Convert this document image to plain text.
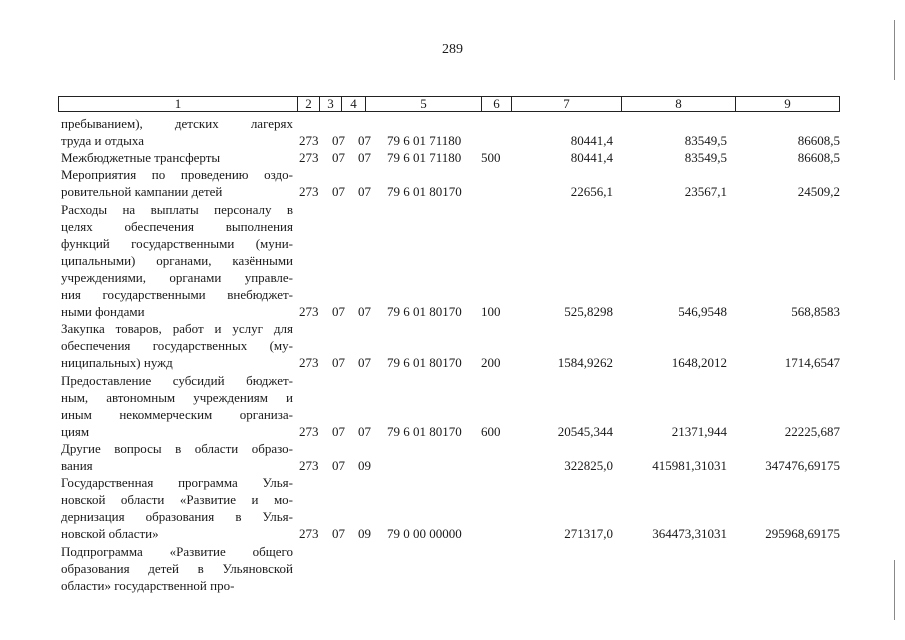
289
1	2	3	4	5	6	7	8	9
пребыванием), детских лагерях
труда и отдыха	273 07 07 79 6 01 71180	80441,4	83549,5	86608,5
Межбюджетные трансферты	273 07 07 79 6 01 71180 500	80441,4	83549,5	86608,5
Мероприятия по проведению оздо-
ровительной кампании детей	273 07 07 79 6 01 80170	22656,1	23567,1	24509,2
Расходы на выплаты персоналу в
целях обеспечения выполнения
функций государственными (муни-
ципальными) органами, казёнными
учреждениями, органами управле-
ния государственными внебюджет-
ными фондами	273 07 07 79 6 01 80170 100	525,8298	546,9548	568,8583
Закупка товаров, работ и услуг для
обеспечения государственных (му-
ниципальных) нужд	273 07 07 79 6 01 80170 200	1584,9262	1648,2012	1714,6547
Предоставление субсидий бюджет-
ным, автономным учреждениям и
иным некоммерческим организа-
циям	273 07 07 79 6 01 80170 600	20545,344	21371,944	22225,687
Другие вопросы в области образо-
вания	273 07 09	322825,0	415981,31031	347476,69175
Государственная программа Улья-
новской области «Развитие и мо-
дернизация образования в Улья-
новской области»	273 07 09 79 0 00 00000	271317,0	364473,31031	295968,69175
Подпрограмма «Развитие общего
образования детей в Ульяновской
области» государственной про-
